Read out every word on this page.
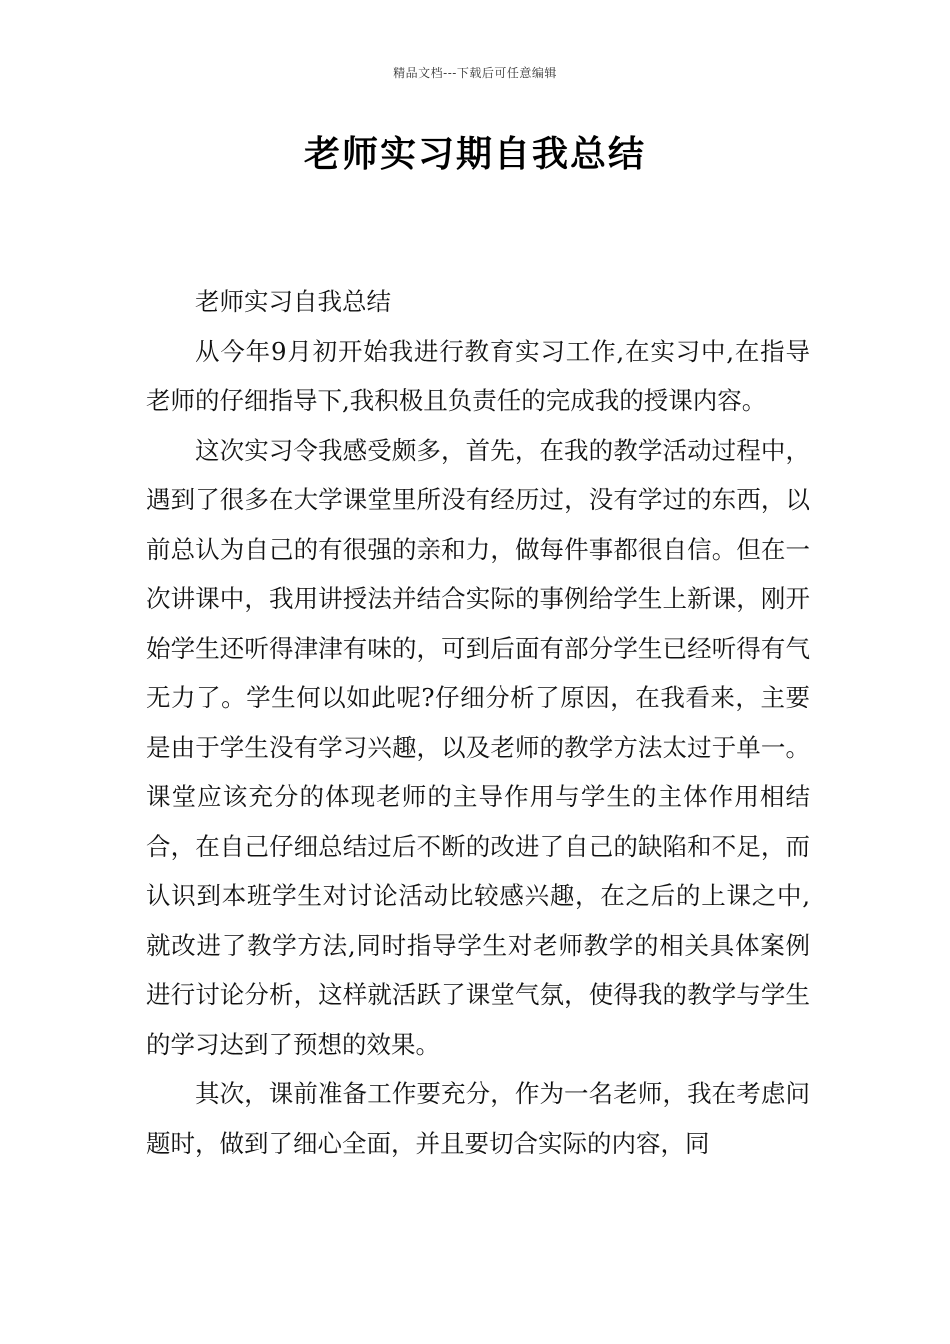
精品文档---下载后可任意编辑
老师实习期自我总结

老师实习自我总结

从今年9月初开始我进行教育实习工作,在实习中,在指导老师的仔细指导下,我积极且负责任的完成我的授课内容。

这次实习令我感受颇多，首先，在我的教学活动过程中，遇到了很多在大学课堂里所没有经历过，没有学过的东西，以前总认为自己的有很强的亲和力，做每件事都很自信。但在一次讲课中，我用讲授法并结合实际的事例给学生上新课，刚开始学生还听得津津有味的，可到后面有部分学生已经听得有气无力了。学生何以如此呢?仔细分析了原因，在我看来，主要是由于学生没有学习兴趣，以及老师的教学方法太过于单一。课堂应该充分的体现老师的主导作用与学生的主体作用相结合，在自己仔细总结过后不断的改进了自己的缺陷和不足，而认识到本班学生对讨论活动比较感兴趣，在之后的上课之中,就改进了教学方法,同时指导学生对老师教学的相关具体案例进行讨论分析，这样就活跃了课堂气氛，使得我的教学与学生的学习达到了预想的效果。

其次，课前准备工作要充分，作为一名老师，我在考虑问题时，做到了细心全面，并且要切合实际的内容，同
